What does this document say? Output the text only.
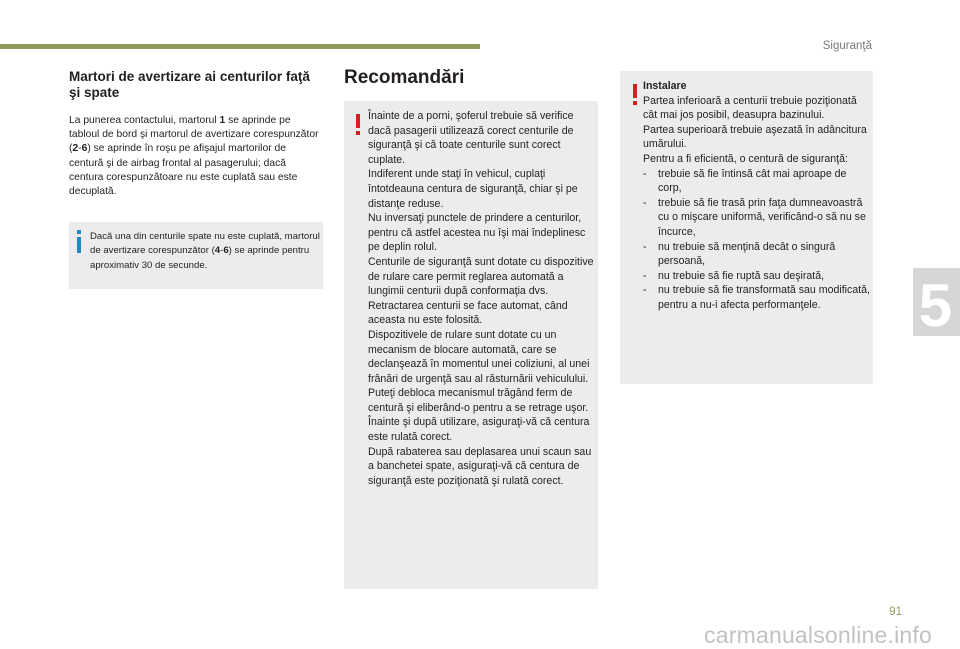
Siguranţă
5
Martori de avertizare ai centurilor faţă şi spate

La punerea contactului, martorul 1 se aprinde pe tabloul de bord şi martorul de avertizare corespunzător (2-6) se aprinde în roşu pe afişajul martorilor de centură şi de airbag frontal al pasagerului; dacă centura corespunzătoare nu este cuplată sau este decuplată.

Dacă una din centurile spate nu este cuplată, martorul de avertizare corespunzător (4-6) se aprinde pentru aproximativ 30 de secunde.

Recomandări

Înainte de a porni, şoferul trebuie să verifice dacă pasagerii utilizează corect centurile de siguranţă şi că toate centurile sunt corect cuplate.

Indiferent unde staţi în vehicul, cuplaţi întotdeauna centura de siguranţă, chiar şi pe distanţe reduse.

Nu inversaţi punctele de prindere a centurilor, pentru că astfel acestea nu îşi mai îndeplinesc pe deplin rolul.

Centurile de siguranţă sunt dotate cu dispozitive de rulare care permit reglarea automată a lungimii centurii după conformaţia dvs. Retractarea centurii se face automat, când aceasta nu este folosită.

Dispozitivele de rulare sunt dotate cu un mecanism de blocare automată, care se declanşează în momentul unei coliziuni, al unei frânări de urgenţă sau al răsturnării vehiculului. Puteţi debloca mecanismul trăgând ferm de centură şi eliberând-o pentru a se retrage uşor.

Înainte şi după utilizare, asiguraţi-vă că centura este rulată corect.

După rabaterea sau deplasarea unui scaun sau a banchetei spate, asiguraţi-vă că centura de siguranţă este poziţionată şi rulată corect.

Instalare

Partea inferioară a centurii trebuie poziţionată cât mai jos posibil, deasupra bazinului.

Partea superioară trebuie aşezată în adâncitura umărului.

Pentru a fi eficientă, o centură de siguranţă:

- trebuie să fie întinsă cât mai aproape de corp,
- trebuie să fie trasă prin faţa dumneavoastră cu o mişcare uniformă, verificând-o să nu se încurce,
- nu trebuie să menţină decât o singură persoană,
- nu trebuie să fie ruptă sau deşirată,
- nu trebuie să fie transformată sau modificată, pentru a nu-i afecta performanţele.
91
carmanualsonline.info
